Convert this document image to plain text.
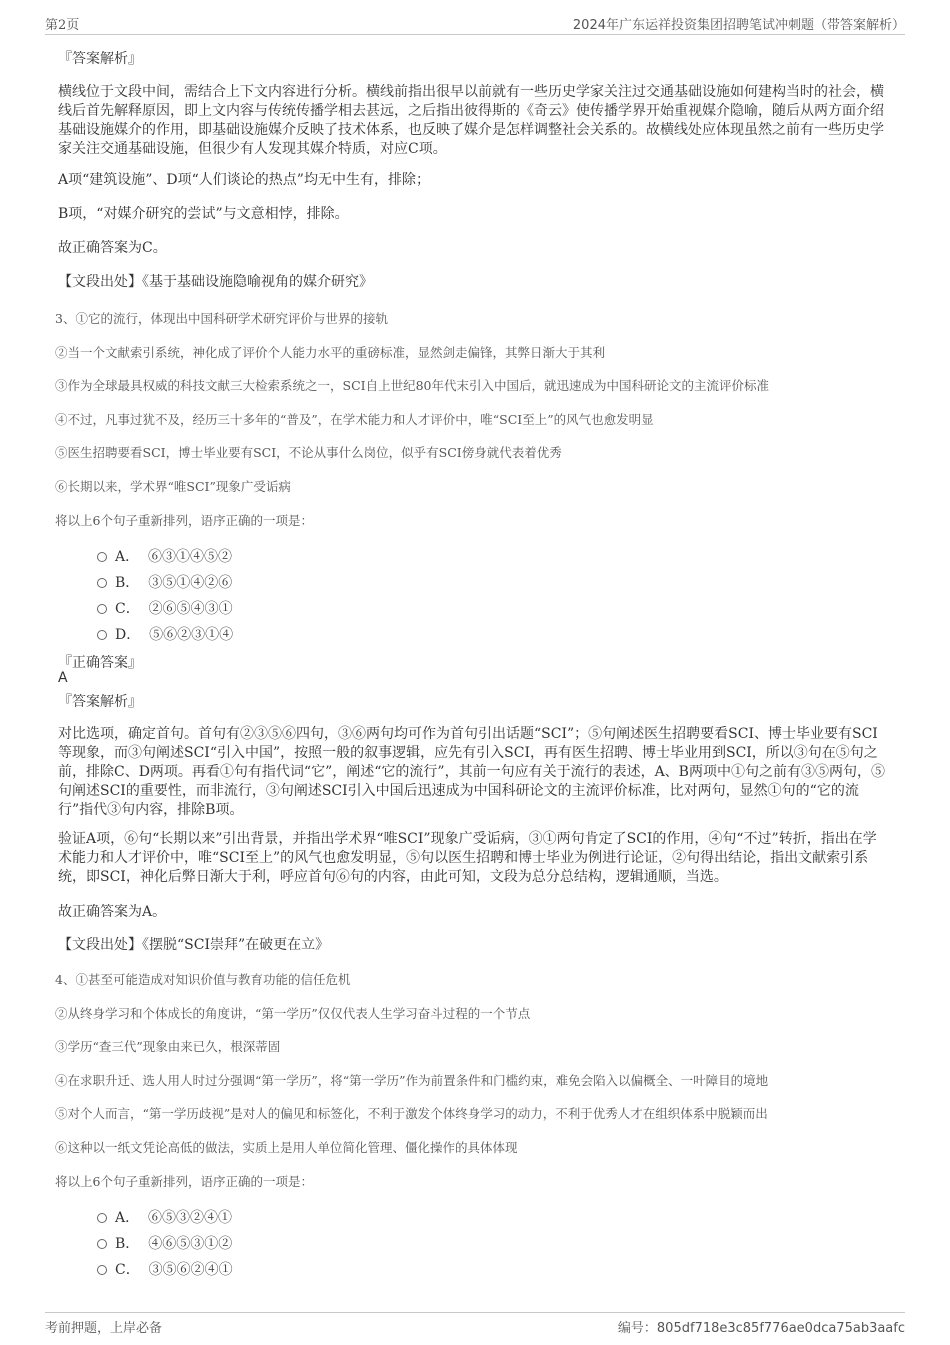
第2页	2024年广东运祥投资集团招聘笔试冲刺题（带答案解析）
『答案解析』
横线位于文段中间，需结合上下文内容进行分析。横线前指出很早以前就有一些历史学家关注过交通基础设施如何建构当时的社会，横线后首先解释原因，即上文内容与传统传播学相去甚远，之后指出彼得斯的《奇云》使传播学界开始重视媒介隐喻，随后从两方面介绍基础设施媒介的作用，即基础设施媒介反映了技术体系，也反映了媒介是怎样调整社会关系的。故横线处应体现虽然之前有一些历史学家关注交通基础设施，但很少有人发现其媒介特质，对应C项。
A项“建筑设施”、D项“人们谈论的热点”均无中生有，排除；
B项，“对媒介研究的尝试”与文意相悖，排除。
故正确答案为C。
【文段出处】《基于基础设施隐喻视角的媒介研究》
3、①它的流行，体现出中国科研学术研究评价与世界的接轨
②当一个文献索引系统，神化成了评价个人能力水平的重磅标准，显然剑走偏锋，其弊日渐大于其利
③作为全球最具权威的科技文献三大检索系统之一，SCI自上世纪80年代末引入中国后，就迅速成为中国科研论文的主流评价标准
④不过，凡事过犹不及，经历三十多年的“普及”，在学术能力和人才评价中，唯“SCI至上”的风气也愈发明显
⑤医生招聘要看SCI，博士毕业要有SCI，不论从事什么岗位，似乎有SCI傍身就代表着优秀
⑥长期以来，学术界“唯SCI”现象广受诟病
将以上6个句子重新排列，语序正确的一项是：
A． ⑥③①④⑤②
B． ③⑤①④②⑥
C． ②⑥⑤④③①
D． ⑤⑥②③①④
『正确答案』
A
『答案解析』
对比选项，确定首句。首句有②③⑤⑥四句，③⑥两句均可作为首句引出话题“SCI”；⑤句阐述医生招聘要看SCI、博士毕业要有SCI等现象，而③句阐述SCI“引入中国”，按照一般的叙事逻辑，应先有引入SCI，再有医生招聘、博士毕业用到SCI，所以③句在⑤句之前，排除C、D两项。再看①句有指代词“它”，阐述“它的流行”，其前一句应有关于流行的表述，A、B两项中①句之前有③⑤两句，⑤句阐述SCI的重要性，而非流行，③句阐述SCI引入中国后迅速成为中国科研论文的主流评价标准，比对两句，显然①句的“它的流行”指代③句内容，排除B项。
验证A项，⑥句“长期以来”引出背景，并指出学术界“唯SCI”现象广受诟病，③①两句肯定了SCI的作用，④句“不过”转折，指出在学术能力和人才评价中，唯“SCI至上”的风气也愈发明显，⑤句以医生招聘和博士毕业为例进行论证，②句得出结论，指出文献索引系统，即SCI，神化后弊日渐大于利，呼应首句⑥句的内容，由此可知，文段为总分总结构，逻辑通顺，当选。
故正确答案为A。
【文段出处】《摆脱“SCI崇拜”在破更在立》
4、①甚至可能造成对知识价值与教育功能的信任危机
②从终身学习和个体成长的角度讲，“第一学历”仅仅代表人生学习奋斗过程的一个节点
③学历“查三代”现象由来已久，根深蒂固
④在求职升迁、选人用人时过分强调“第一学历”，将“第一学历”作为前置条件和门槛约束，难免会陷入以偏概全、一叶障目的境地
⑤对个人而言，“第一学历歧视”是对人的偏见和标签化，不利于激发个体终身学习的动力，不利于优秀人才在组织体系中脱颖而出
⑥这种以一纸文凭论高低的做法，实质上是用人单位简化管理、僵化操作的具体体现
将以上6个句子重新排列，语序正确的一项是：
A． ⑥⑤③②④①
B． ④⑥⑤③①②
C． ③⑤⑥②④①
考前押题，上岸必备	编号：805df718e3c85f776ae0dca75ab3aafc
